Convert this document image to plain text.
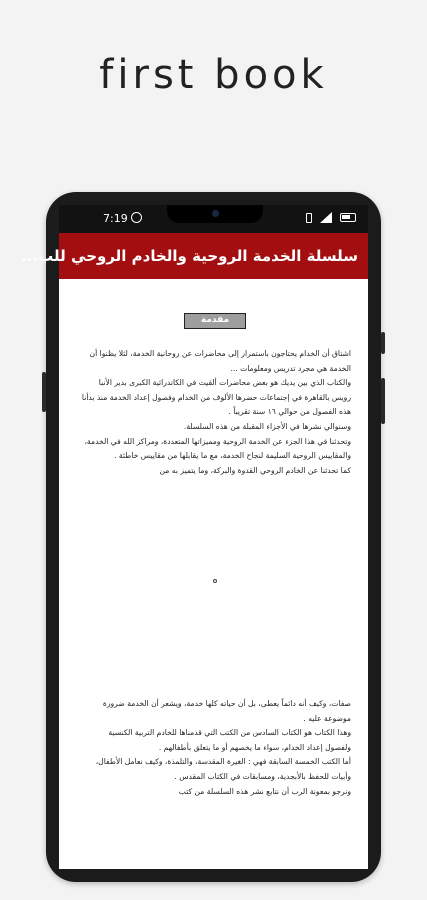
first book
7:19
سلسلة الخدمة الروحية والخادم الروحي للب...
مقدمة

اشتاق أن الخدام يحتاجون باستمرار إلى محاضرات عن روحانية الخدمة، لئلا يظنوا أن الخدمة هي مجرد تدريس ومعلومات ...

والكتاب الذي بين يديك هو بعض محاضرات ألقيت في الكاتدرائية الكبرى بدير الأنبا رويس بالقاهرة في إجتماعات حضرها الألوف من الخدام وفصول إعداد الخدمة منذ بدأنا هذه الفصول من حوالي ١٦ سنة تقريباً .

وسنوالي نشرها في الأجزاء المقبلة من هذه السلسلة.

وتحدثنا في هذا الجزء عن الخدمة الروحية ومميزاتها المتعددة، ومراكز الله في الخدمة، والمقاييس الروحية السليمة لنجاح الخدمة، مع ما يقابلها من مقاييس خاطئة .

كما تحدثنا عن الخادم الروحي القدوة والبركة، وما يتميز به من

صفات، وكيف أنه دائماً يعطى، بل أن حياته كلها خدمة، ويشعر أن الخدمة ضرورة موضوعة عليه .

وهذا الكتاب هو الكتاب السادس من الكتب التي قدمناها للخادم التربية الكنسية ولفصول إعداد الخدام، سواء ما يخصهم أو ما يتعلق بأطفالهم .

أما الكتب الخمسة السابقة فهي : الغيرة المقدسة، والتلمذة، وكيف نعامل الأطفال، وأبيات للحفظ بالأبجدية، ومسابقات في الكتاب المقدس .

ونرجو بمعونة الرب أن نتابع نشر هذه السلسلة من كتب
